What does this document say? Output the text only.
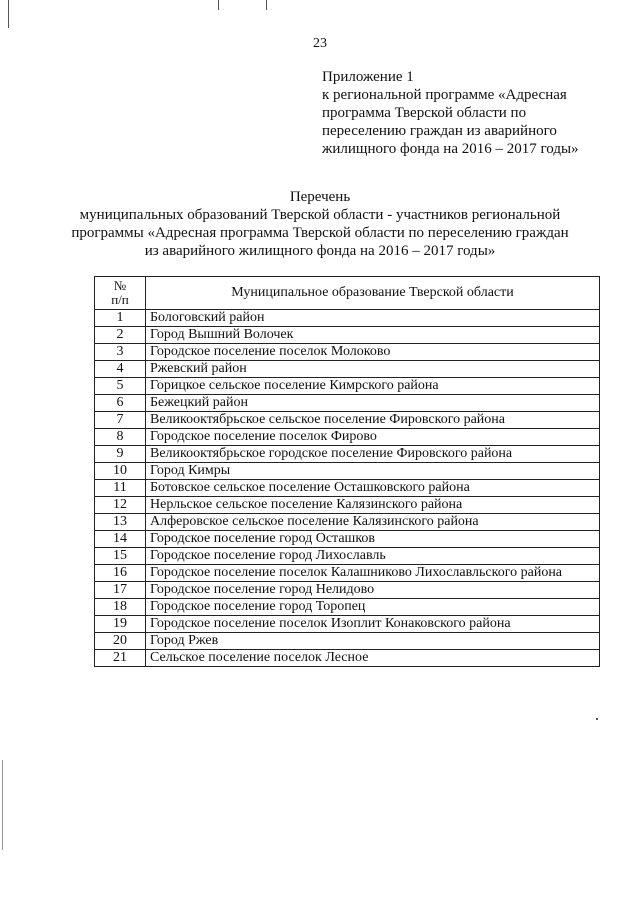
23
Приложение 1
к региональной программе «Адресная
программа Тверской области по
переселению граждан из аварийного
жилищного фонда на 2016 – 2017 годы»
Перечень
муниципальных образований Тверской области - участников региональной
программы «Адресная программа Тверской области по переселению граждан
из аварийного жилищного фонда на 2016 – 2017 годы»
№
п/п	Муниципальное образование Тверской области
1	Бологовский район
2	Город Вышний Волочек
3	Городское поселение поселок Молоково
4	Ржевский район
5	Горицкое сельское поселение Кимрского района
6	Бежецкий район
7	Великооктябрьское сельское поселение Фировского района
8	Городское поселение поселок Фирово
9	Великооктябрьское городское поселение Фировского района
10	Город Кимры
11	Ботовское сельское поселение Осташковского района
12	Нерльское сельское поселение Калязинского района
13	Алферовское сельское поселение Калязинского района
14	Городское поселение город Осташков
15	Городское поселение город Лихославль
16	Городское поселение поселок Калашниково Лихославльского района
17	Городское поселение город Нелидово
18	Городское поселение город Торопец
19	Городское поселение поселок Изоплит Конаковского района
20	Город Ржев
21	Сельское поселение поселок Лесное
